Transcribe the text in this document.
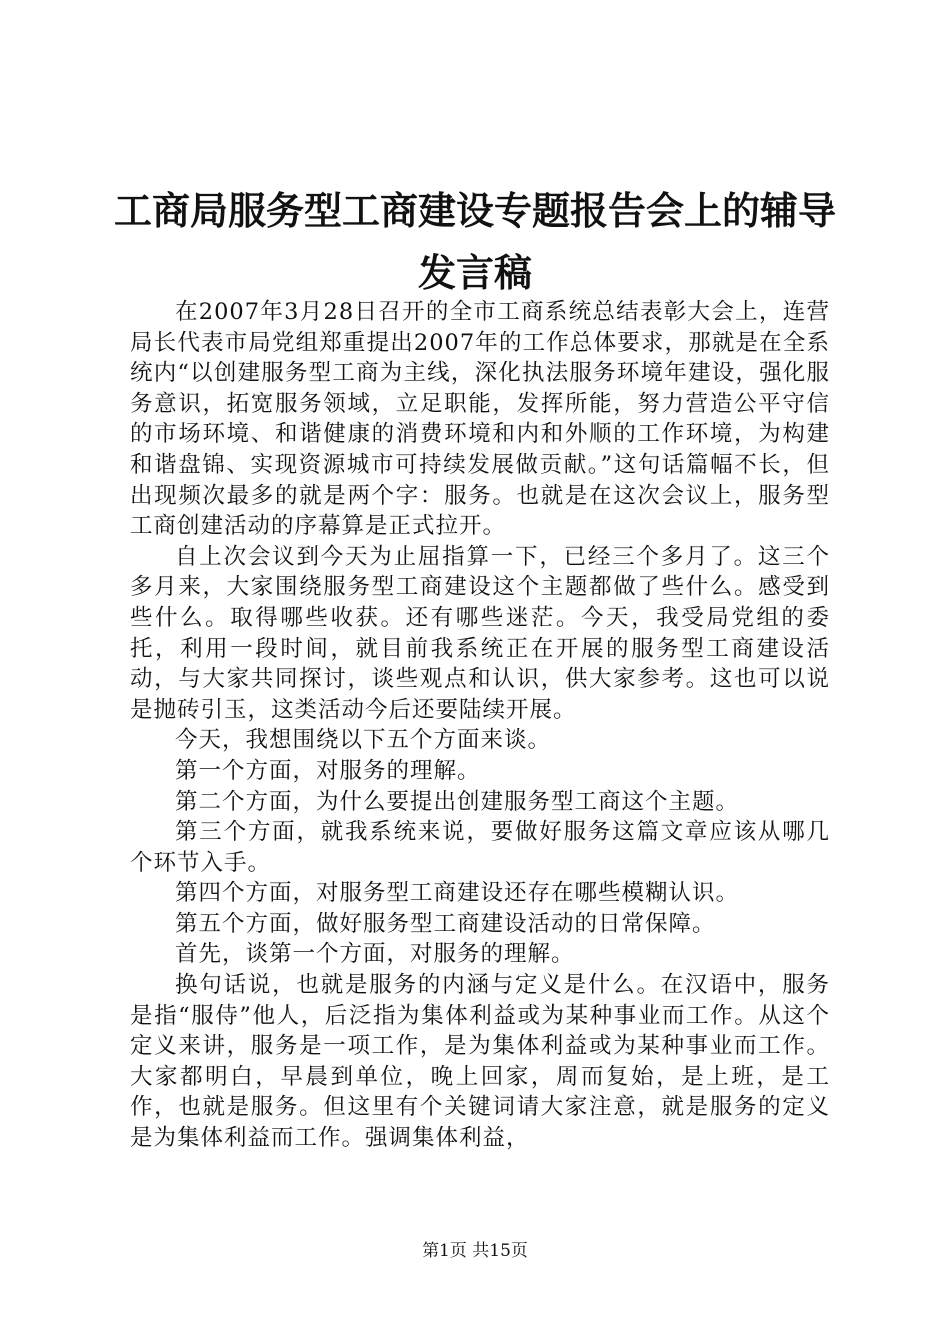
工商局服务型工商建设专题报告会上的辅导发言稿

在2007年3月28日召开的全市工商系统总结表彰大会上，连营局长代表市局党组郑重提出2007年的工作总体要求，那就是在全系统内“以创建服务型工商为主线，深化执法服务环境年建设，强化服务意识，拓宽服务领域，立足职能，发挥所能，努力营造公平守信的市场环境、和谐健康的消费环境和内和外顺的工作环境，为构建和谐盘锦、实现资源城市可持续发展做贡献。”这句话篇幅不长，但出现频次最多的就是两个字：服务。也就是在这次会议上，服务型工商创建活动的序幕算是正式拉开。

自上次会议到今天为止屈指算一下，已经三个多月了。这三个多月来，大家围绕服务型工商建设这个主题都做了些什么。感受到些什么。取得哪些收获。还有哪些迷茫。今天，我受局党组的委托，利用一段时间，就目前我系统正在开展的服务型工商建设活动，与大家共同探讨，谈些观点和认识，供大家参考。这也可以说是抛砖引玉，这类活动今后还要陆续开展。

今天，我想围绕以下五个方面来谈。

第一个方面，对服务的理解。

第二个方面，为什么要提出创建服务型工商这个主题。

第三个方面，就我系统来说，要做好服务这篇文章应该从哪几个环节入手。

第四个方面，对服务型工商建设还存在哪些模糊认识。

第五个方面，做好服务型工商建设活动的日常保障。

首先，谈第一个方面，对服务的理解。

换句话说，也就是服务的内涵与定义是什么。在汉语中，服务是指“服侍”他人，后泛指为集体利益或为某种事业而工作。从这个定义来讲，服务是一项工作，是为集体利益或为某种事业而工作。大家都明白，早晨到单位，晚上回家，周而复始，是上班，是工作，也就是服务。但这里有个关键词请大家注意，就是服务的定义是为集体利益而工作。强调集体利益，

第1页 共15页
